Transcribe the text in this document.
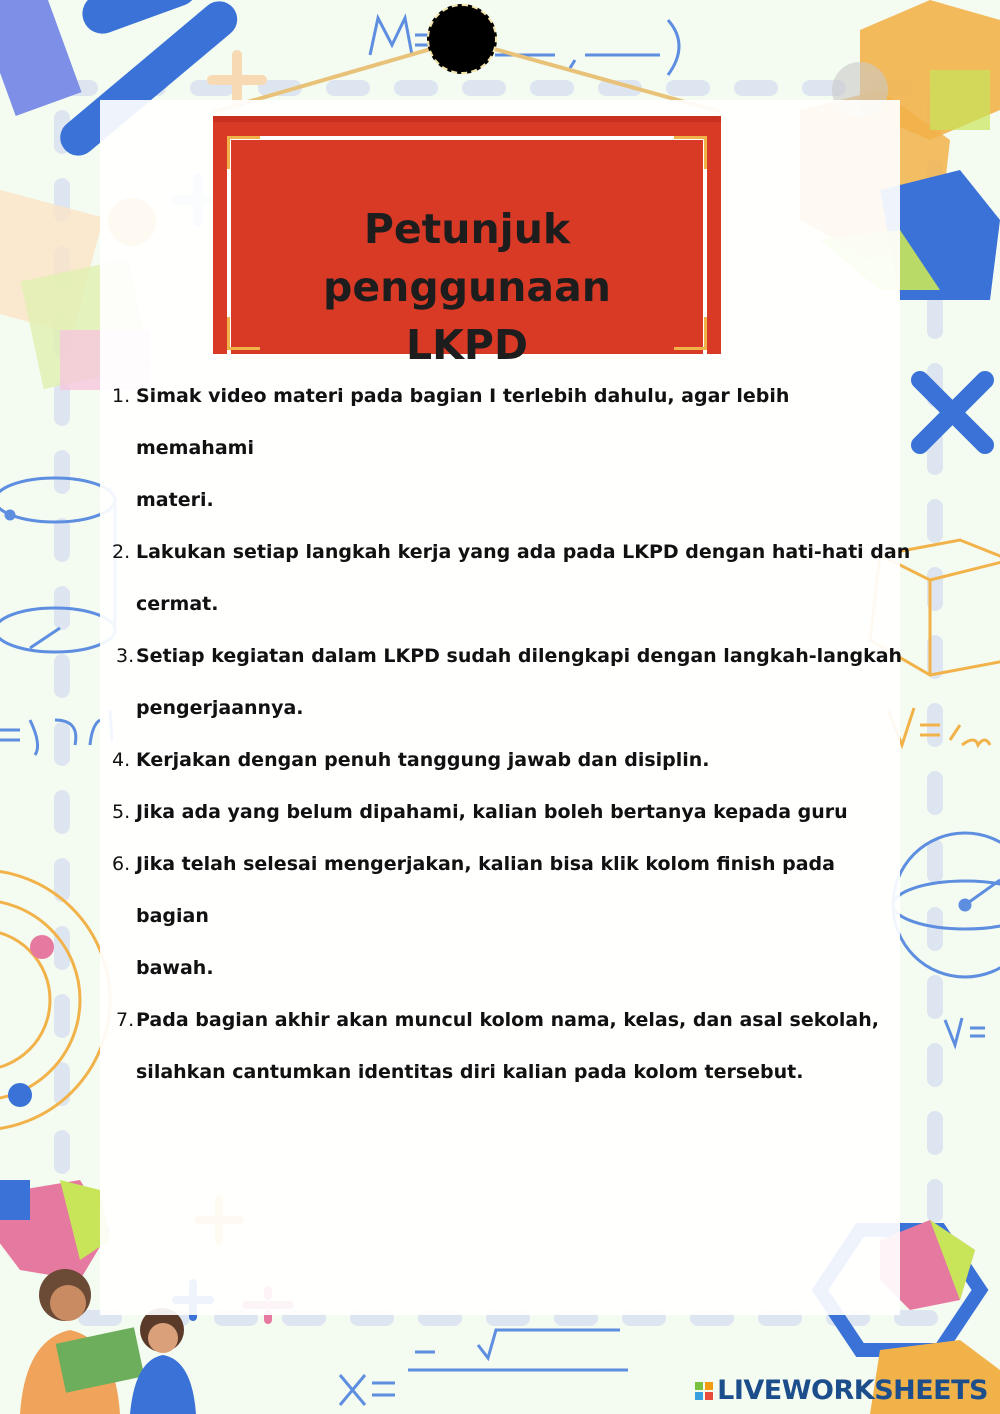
Petunjuk penggunaan
LKPD
1. Simak video materi pada bagian I terlebih dahulu, agar lebih memahami
materi.
2. Lakukan setiap langkah kerja yang ada pada LKPD dengan hati-hati dan
cermat.
3. Setiap kegiatan dalam LKPD sudah dilengkapi dengan langkah-langkah
pengerjaannya.
4. Kerjakan dengan penuh tanggung jawab dan disiplin.
5. Jika ada yang belum dipahami, kalian boleh bertanya kepada guru
6. Jika telah selesai mengerjakan, kalian bisa klik kolom finish pada bagian
bawah.
7. Pada bagian akhir akan muncul kolom nama, kelas, dan asal sekolah,
silahkan cantumkan identitas diri kalian pada kolom tersebut.
LIVEWORKSHEETS
